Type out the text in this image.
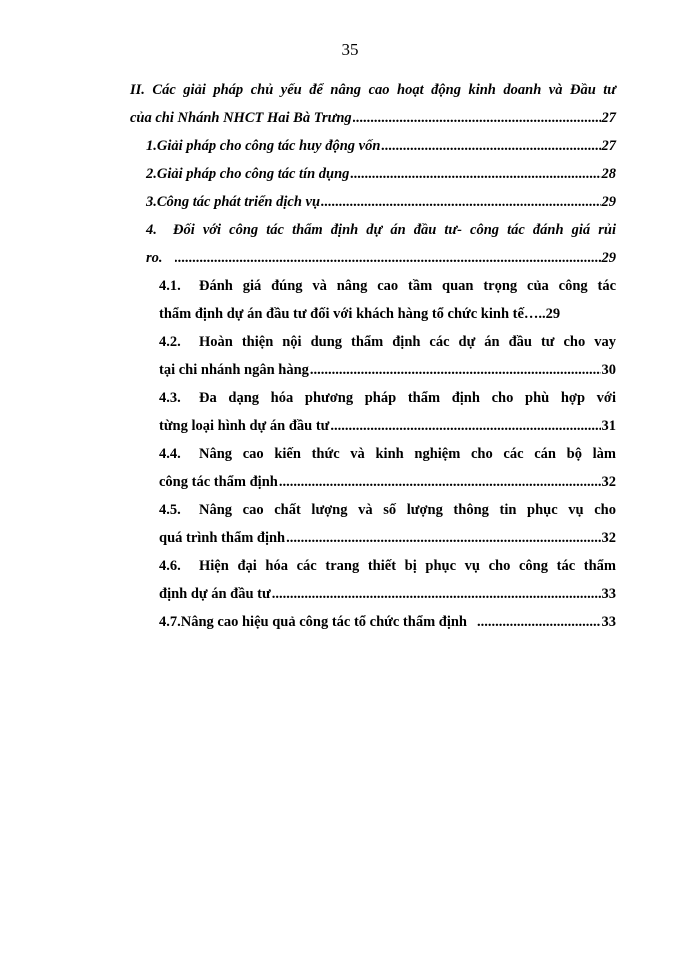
35
II. Các giải pháp chủ yếu để nâng cao hoạt động kinh doanh và Đầu tư
của chi Nhánh NHCT Hai Bà Trưng .....	27
1. Giải pháp cho công tác huy động vốn .....	27
2. Giải pháp cho công tác tín dụng .....	28
3. Công tác phát triển dịch vụ .....	29
4. Đối với công tác thẩm định dự án đầu tư- công tác đánh giá rủi
ro. .....	29
4.1. Đánh giá đúng và nâng cao tầm quan trọng của công tác
thẩm định dự án đầu tư đối với khách hàng tổ chức kinh tế….. 29
4.2. Hoàn thiện nội dung thẩm định các dự án đầu tư cho vay
tại chi nhánh ngân hàng .....	30
4.3. Đa dạng hóa phương pháp thẩm định cho phù hợp với
từng loại hình dự án đầu tư .....	31
4.4. Nâng cao kiến thức và kinh nghiệm cho các cán bộ làm
công tác thẩm định .....	32
4.5. Nâng cao chất lượng và số lượng thông tin phục vụ cho
quá trình thẩm định .....	32
4.6. Hiện đại hóa các trang thiết bị phục vụ cho công tác thẩm
định dự án đầu tư .....	33
4.7. Nâng cao hiệu quả công tác tổ chức thẩm định .....	33
